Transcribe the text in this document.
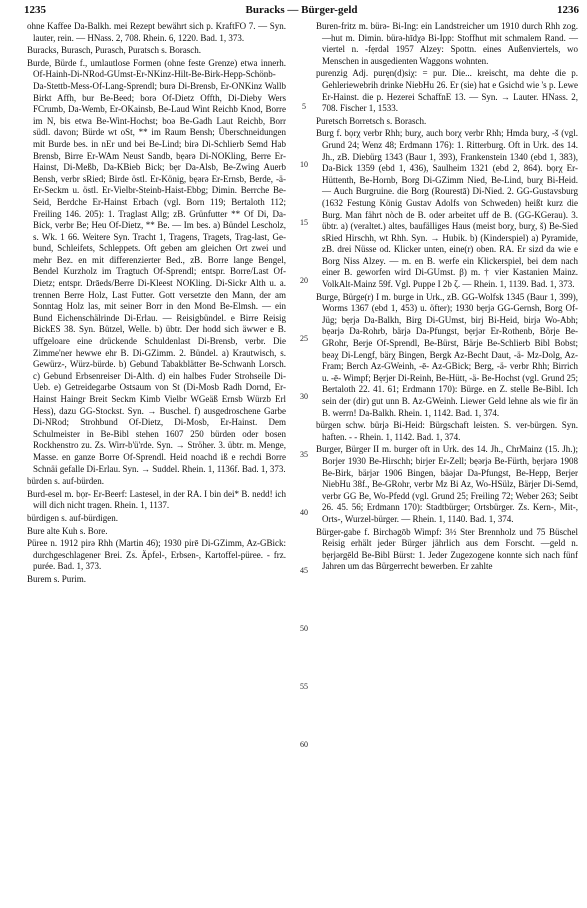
1235	Buracks — Bürger-geld	1236

ohne Kaffee Da-Balkh. mei Rezept bewährt sich p. KraftFO 7. — Syn. lauter, rein. — HNass. 2, 708. Rhein. 6, 1220. Bad. 1, 373.

Buracks, Burasch, Purasch, Puratsch s. Borasch.

Burde, Bürde f., umlautlose Formen (ohne feste Grenze) etwa innerh. Of-Hainh-Di-NRod-GUmst-Er-NKinz-Hilt-Be-Birk-Hepp-Schönb-Da-Stettb-Mess-Of-Lang-Sprendl; burə Di-Brensb, Er-ONKinz Wallb Birkt Affh, bur Be-Beed; borə Of-Dietz Offth, Di-Dieby Wers FCrumb, Da-Wemb, Er-OKainsb, Be-Laud Wint Reichb Knod, Borre im N, bis etwa Be-Wint-Hochst; boə Be-Gadh Laut Reichb, Borr südl. davon; Bürde wt oSt, ** im Raum Bensh; Überschneidungen mit Burde bes. in nEr und bei Be-Lind; birə Di-Schlierb Semd Hab Brensb, Birre Er-WAm Neust Sandb, bẹərə Di-NOKling, Berre Er-Hainst, Di-Meßb, Da-KBieb Bick; bẹr Da-Alsb, Be-Zwing Auerb Bensh, verbr sRied; Birde östl. Er-König, bẹərə Er-Ernsb, Berde, -ä- Er-Seckm u. östl. Er-Vielbr-Steinb-Haist-Ebbg; Dimin. Berrche Be-Seid, Berdche Er-Hainst Erbach (vgl. Born 119; Bertaloth 112; Freiling 146. 205): 1. Traglast Allg; zB. Grünfutter ** Of Di, Da-Bick, verbr Be; Heu Of-Dietz, ** Be. — Im bes. a) Bündel Lescholz, s. Wk. 1 66. Weitere Syn. Tracht 1, Tragens, Tragets, Trag-last, Ge-bund, Schleifets, Schleppets. Oft geben am gleichen Ort zwei und mehr Bez. en mit differenzierter Bed., zB. Borre lange Bengel, Bendel Kurzholz im Tragtuch Of-Sprendl; entspr. Borre/Last Of-Dietz; entspr. Drāeds/Berre Di-Kleest NOKling. Di-Sickr Alth u. a. trennen Berre Holz, Last Futter. Gott versetzte den Mann, der am Sonntag Holz las, mit seiner Borr in den Mond Be-Elmsh. — ein Bund Eichenschälrinde Di-Erlau. — Reisigbündel. e Birre Reisig BickES 38. Syn. Bützel, Welle. b) übtr. Der hodd sich äwwer e B. uffgeloare eine drückende Schuldenlast Di-Brensb, verbr. Die Zimme'ner hewwe ehr B. Di-GZimm. 2. Bündel. a) Krautwisch, s. Gewürz-, Würz-bürde. b) Gebund Tabakblätter Be-Schwanh Lorsch. c) Gebund Erbsenreiser Di-Alth. d) ein halbes Fuder Strohseile Di-Ueb. e) Getreidegarbe Ostsaum von St (Di-Mosb Radh Dornd, Er-Hainst Haingr Breit Seckm Kimb Vielbr WGeäß Ernsb Würzb Erl Hess), dazu GG-Stockst. Syn. → Buschel. f) ausgedroschene Garbe Di-NRod; Strohbund Of-Dietz, Di-Mosb, Er-Hainst. Dem Schulmeister in Be-Bibl stehen 1607 250 bürden oder bosen Rockhenstro zu. Zs. Wirr-b'ü'rde. Syn. → Ströher. 3. übtr. m. Menge, Masse. en ganze Borre Of-Sprendl. Heid noachd iß e rechdi Borre Schnäi gefalle Di-Erlau. Syn. → Suddel. Rhein. 1, 1136f. Bad. 1, 373.

bürden s. auf-bürden.

Burd-esel m. bọr- Er-Beerf: Lastesel, in der RA. I bin dei* B. nedd! ich will dich nicht tragen. Rhein. 1, 1137.

bürdigen s. auf-bürdigen.

Bure alte Kuh s. Bore.

Püree n. 1912 pirə Rhh (Martin 46); 1930 pirē Di-GZimm, Az-GBick: durchgeschlagener Brei. Zs. Äpfel-, Erbsen-, Kartoffel-püree. - frz. purée. Bad. 1, 373.

Burem s. Purim.

5
10
15
20
25
30
35
40
45
50
55
60

Buren-fritz m. bürə- Bi-Ing: ein Landstreicher um 1910 durch Rhh zog. —hut m. Dimin. bürə-hīdχə Bi-Ipp: Stoffhut mit schmalem Rand. —viertel n. -fẹrdəl 1957 Alzey: Spottn. eines Außenviertels, wo Menschen in ausgedienten Waggons wohnten.

purenzig Adj. puręn(d)siχ: = pur. Die... kreischt, ma dehte die p. Gehleriewebrih drinke NiebHu 26. Er (sie) hat e Gsichd wie 's p. Lewe Er-Hainst. die p. Hezerei SchaffnE 13. — Syn. → Lauter. HNass. 2, 708. Fischer 1, 1533.

Puretsch Borretsch s. Borasch.

Burg f. bọrχ verbr Rhh; burχ, auch borχ verbr Rhh; Hmda burχ, -š (vgl. Grund 24; Wenz 48; Erdmann 176): 1. Ritterburg. Oft in Urk. des 14. Jh., zB. Diebürg 1343 (Baur 1, 393), Frankenstein 1340 (ebd 1, 383), Da-Bick 1359 (ebd 1, 436), Saulheim 1321 (ebd 2, 864). bọrχ Er-Hüttenth, Be-Hornb, Borg Di-GZimm Nied, Be-Lind, burχ Bi-Heid. — Auch Burgruine. die Borg (Rourestā) Di-Nied. 2. GG-Gustavsburg (1632 Festung König Gustav Adolfs von Schweden) heißt kurz die Burg. Man fährt nòch de B. oder arbeitet uff de B. (GG-KGerau). 3. übtr. a) (veraltet.) altes, baufälliges Haus (meist borχ, burχ, š) Be-Sied sRied Hirschh, wt Rhh. Syn. → Hubik. b) (Kinderspiel) a) Pyramide, zB. drei Nüsse od. Klicker unten, eine(r) oben. RA. Er sizd da wie e Borg Niss Alzey. — m. en B. werfe ein Klickerspiel, bei dem nach einer B. geworfen wird Di-GUmst. β) m. † vier Kastanien Mainz. VolkAlt-Mainz 59f. Vgl. Puppe I 2b ζ. — Rhein. 1, 1139. Bad. 1, 373.

Burge, Bürge(r) I m. burge in Urk., zB. GG-Wolfsk 1345 (Baur 1, 399), Worms 1367 (ebd 1, 453) u. öfter); 1930 bẹrjə GG-Gernsh, Borg Of-Jüg; bẹrjə Da-Balkh, Birg Di-GUmst, birj Bi-Heid, birjə Wo-Abh; bẹərjə Da-Rohrb, bärjə Da-Pfungst, bẹrjər Er-Rothenb, Börje Be-GRohr, Berje Of-Sprendl, Be-Bürst, Bärje Be-Schlierb Bibl Bobst; beəχ Di-Lengf, bärχ Bingen, Bergk Az-Becht Daut, -ä- Mz-Dolg, Az-Fram; Berch Az-GWeinh, -ē- Az-GBick; Berg, -ä- verbr Rhh; Birrich u. -ē- Wimpf; Bẹrjer Di-Reinh, Be-Hütt, -ä- Be-Hochst (vgl. Grund 25; Bertaloth 22. 41. 61; Erdmann 170): Bürge. en Z. stelle Be-Bibl. Ich sein der (dir) gut unn B. Az-GWeinh. Liewer Geld lehne als wie fir än B. werrn! Da-Balkh. Rhein. 1, 1142. Bad. 1, 374.

bürgen schw. bürjə Bi-Heid: Bürgschaft leisten. S. ver-bürgen. Syn. haften. - - Rhein. 1, 1142. Bad. 1, 374.

Burger, Bürger II m. burger oft in Urk. des 14. Jh., ChrMainz (15. Jh.); Borjer 1930 Be-Hirschh; birjer Er-Zell; bẹərjə Be-Fürth, bẹrjərə 1908 Be-Birk, bärjər 1906 Bingen, bäəjər Da-Pfungst, Be-Hepp, Berjer NiebHu 38f., Be-GRohr, verbr Mz Bi Az, Wo-HSülz, Bärjer Di-Semd, verbr GG Be, Wo-Pfedd (vgl. Grund 25; Freiling 72; Weber 263; Seibt 26. 45. 56; Erdmann 170): Stadtbürger; Ortsbürger. Zs. Kern-, Mit-, Orts-, Wurzel-bürger. — Rhein. 1, 1140. Bad. 1, 374.

Bürger-gabe f. Birchəgōb Wimpf: 3½ Ster Brennholz und 75 Büschel Reisig erhält jeder Bürger jährlich aus dem Forscht. —geld n. bẹrjərgēld Be-Bibl Bürst: 1. Jeder Zugezogene konnte sich nach fünf Jahren um das Bürgerrecht bewerben. Er zahlte
